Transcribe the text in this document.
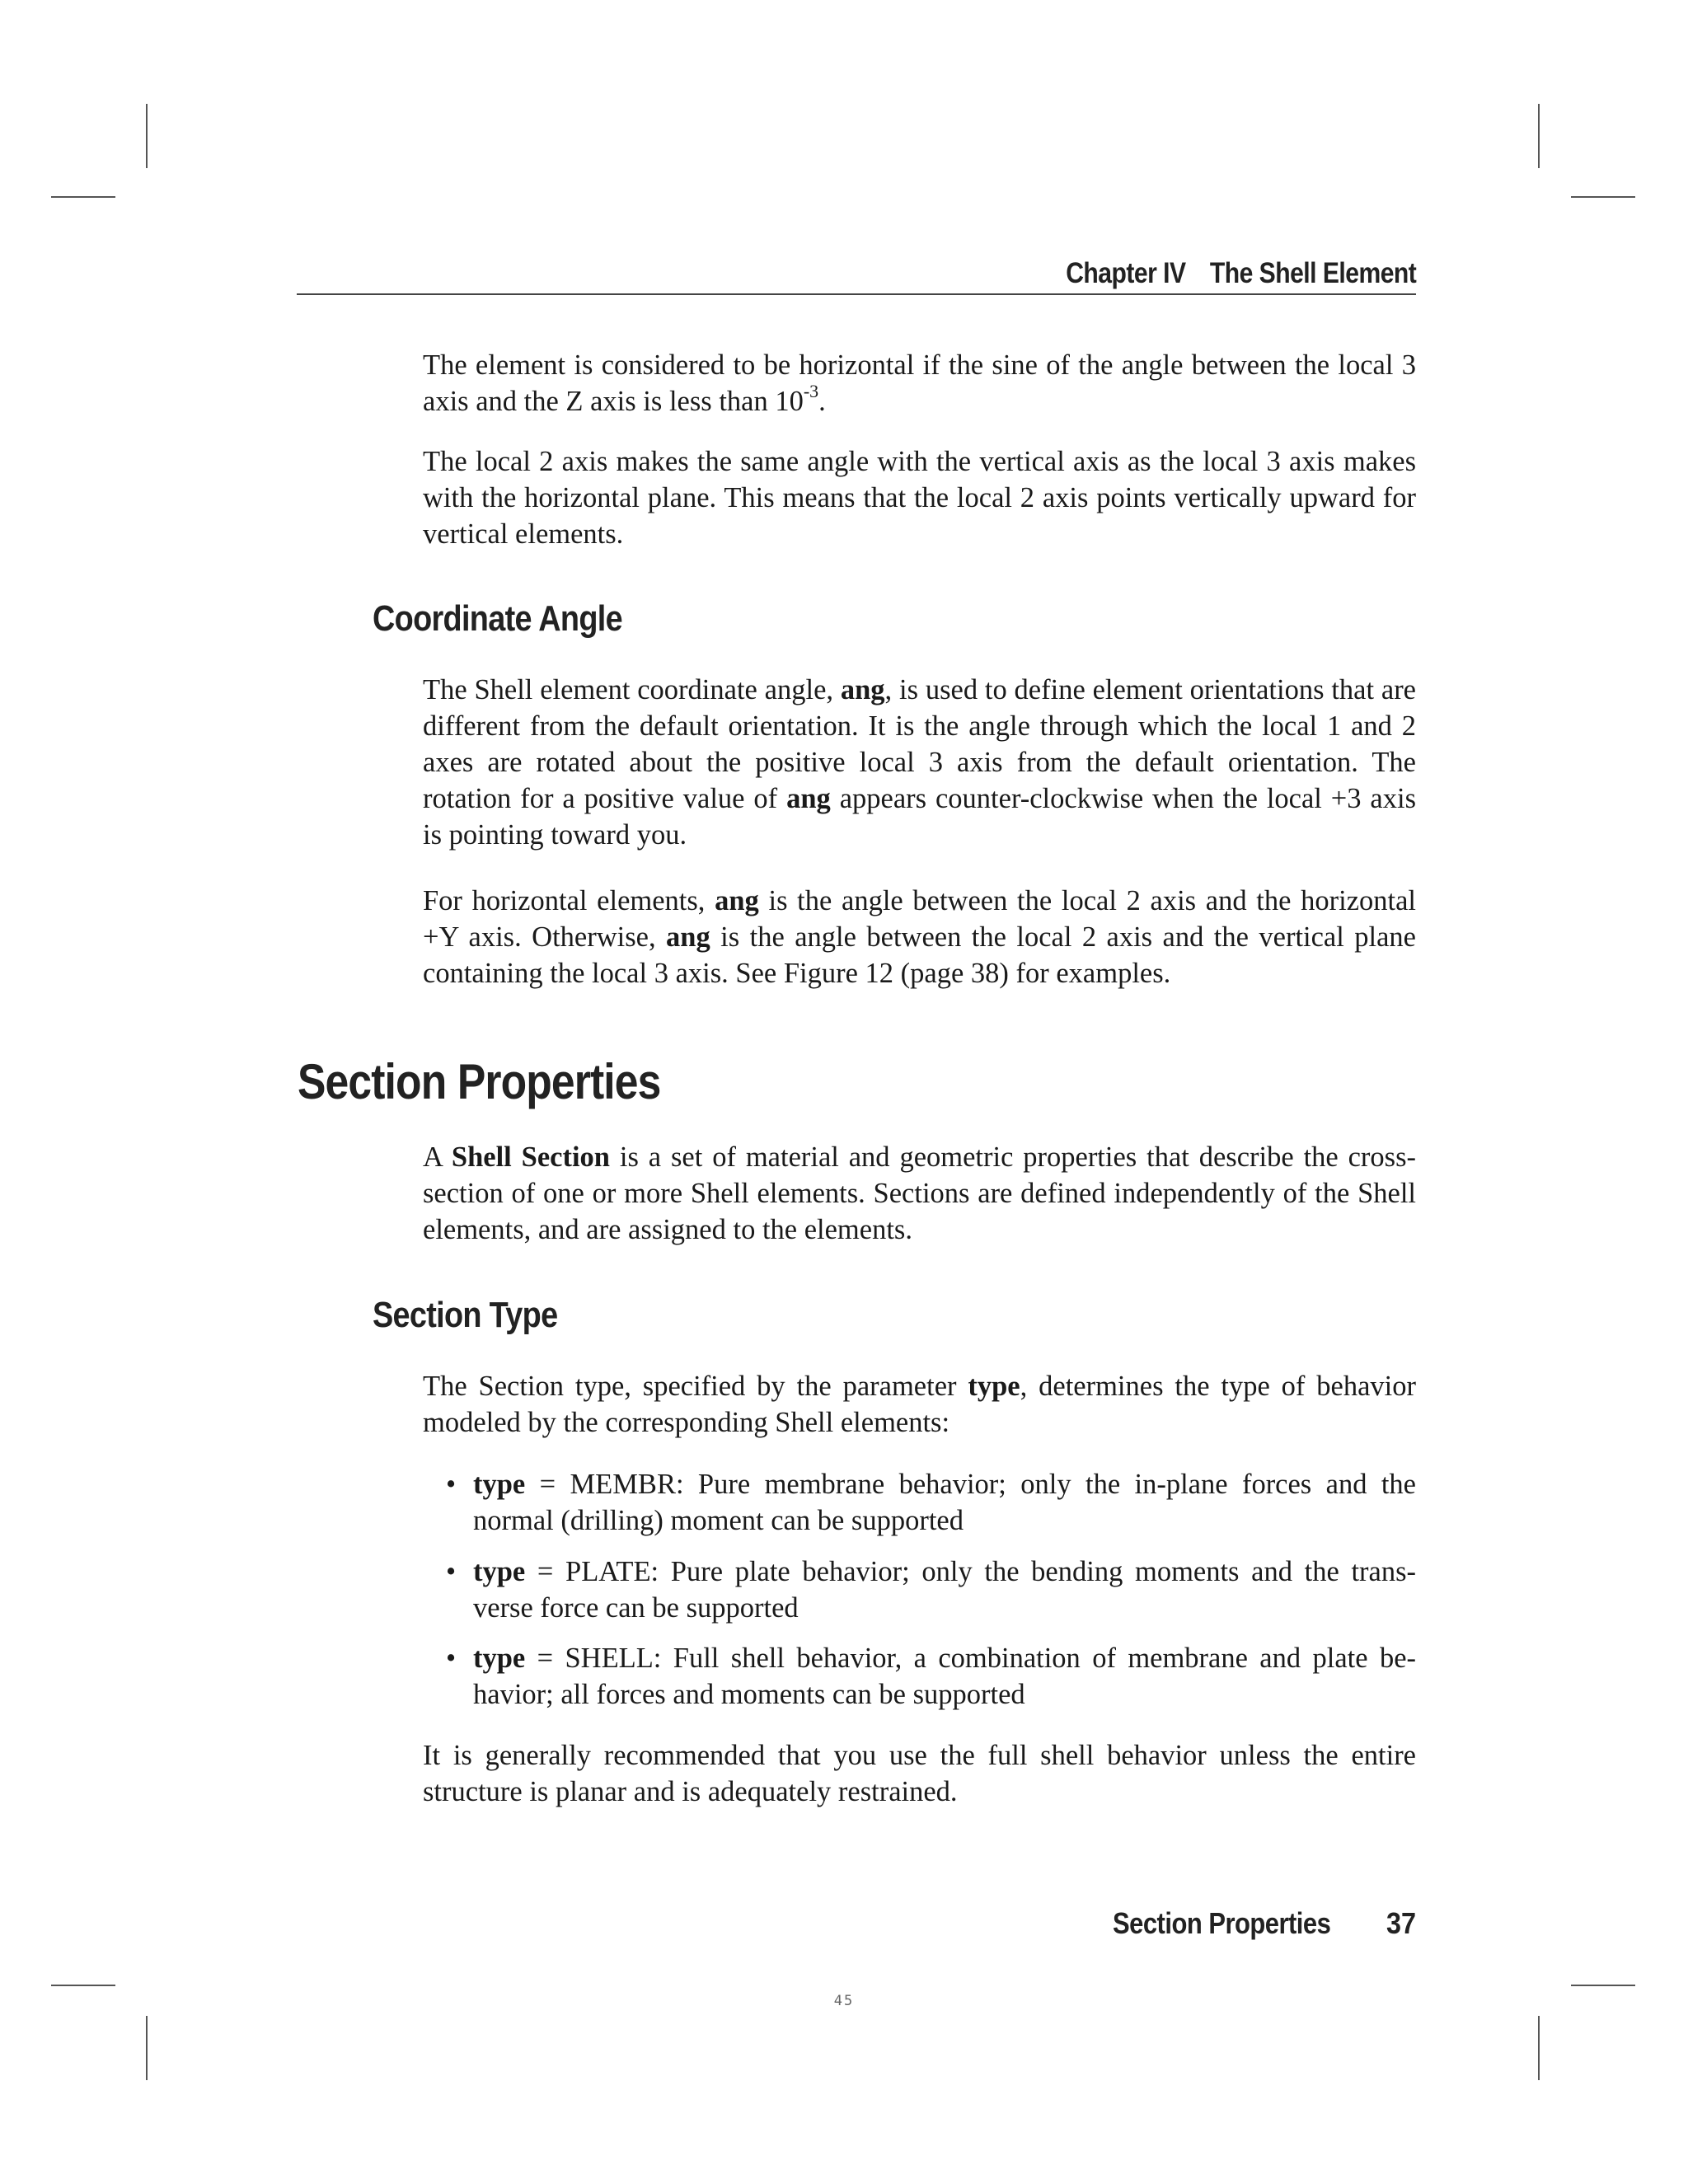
Chapter IV The Shell Element
The element is considered to be horizontal if the sine of the angle between the local 3 axis and the Z axis is less than $10^{-3}$.
The local 2 axis makes the same angle with the vertical axis as the local 3 axis makes with the horizontal plane. This means that the local 2 axis points vertically upward for vertical elements.
Coordinate Angle
The Shell element coordinate angle, ang, is used to define element orientations that are different from the default orientation. It is the angle through which the local 1 and 2 axes are rotated about the positive local 3 axis from the default orientation. The rotation for a positive value of ang appears counter-clockwise when the local +3 axis is pointing toward you.
For horizontal elements, ang is the angle between the local 2 axis and the horizontal +Y axis. Otherwise, ang is the angle between the local 2 axis and the vertical plane containing the local 3 axis. See Figure 12 (page 38) for examples.
Section Properties
A Shell Section is a set of material and geometric properties that describe the cross-section of one or more Shell elements. Sections are defined independently of the Shell elements, and are assigned to the elements.
Section Type
The Section type, specified by the parameter type, determines the type of behavior modeled by the corresponding Shell elements:
• type = MEMBR: Pure membrane behavior; only the in-plane forces and the normal (drilling) moment can be supported
• type = PLATE: Pure plate behavior; only the bending moments and the trans-verse force can be supported
• type = SHELL: Full shell behavior, a combination of membrane and plate be-havior; all forces and moments can be supported
It is generally recommended that you use the full shell behavior unless the entire structure is planar and is adequately restrained.
Section Properties 37
45
